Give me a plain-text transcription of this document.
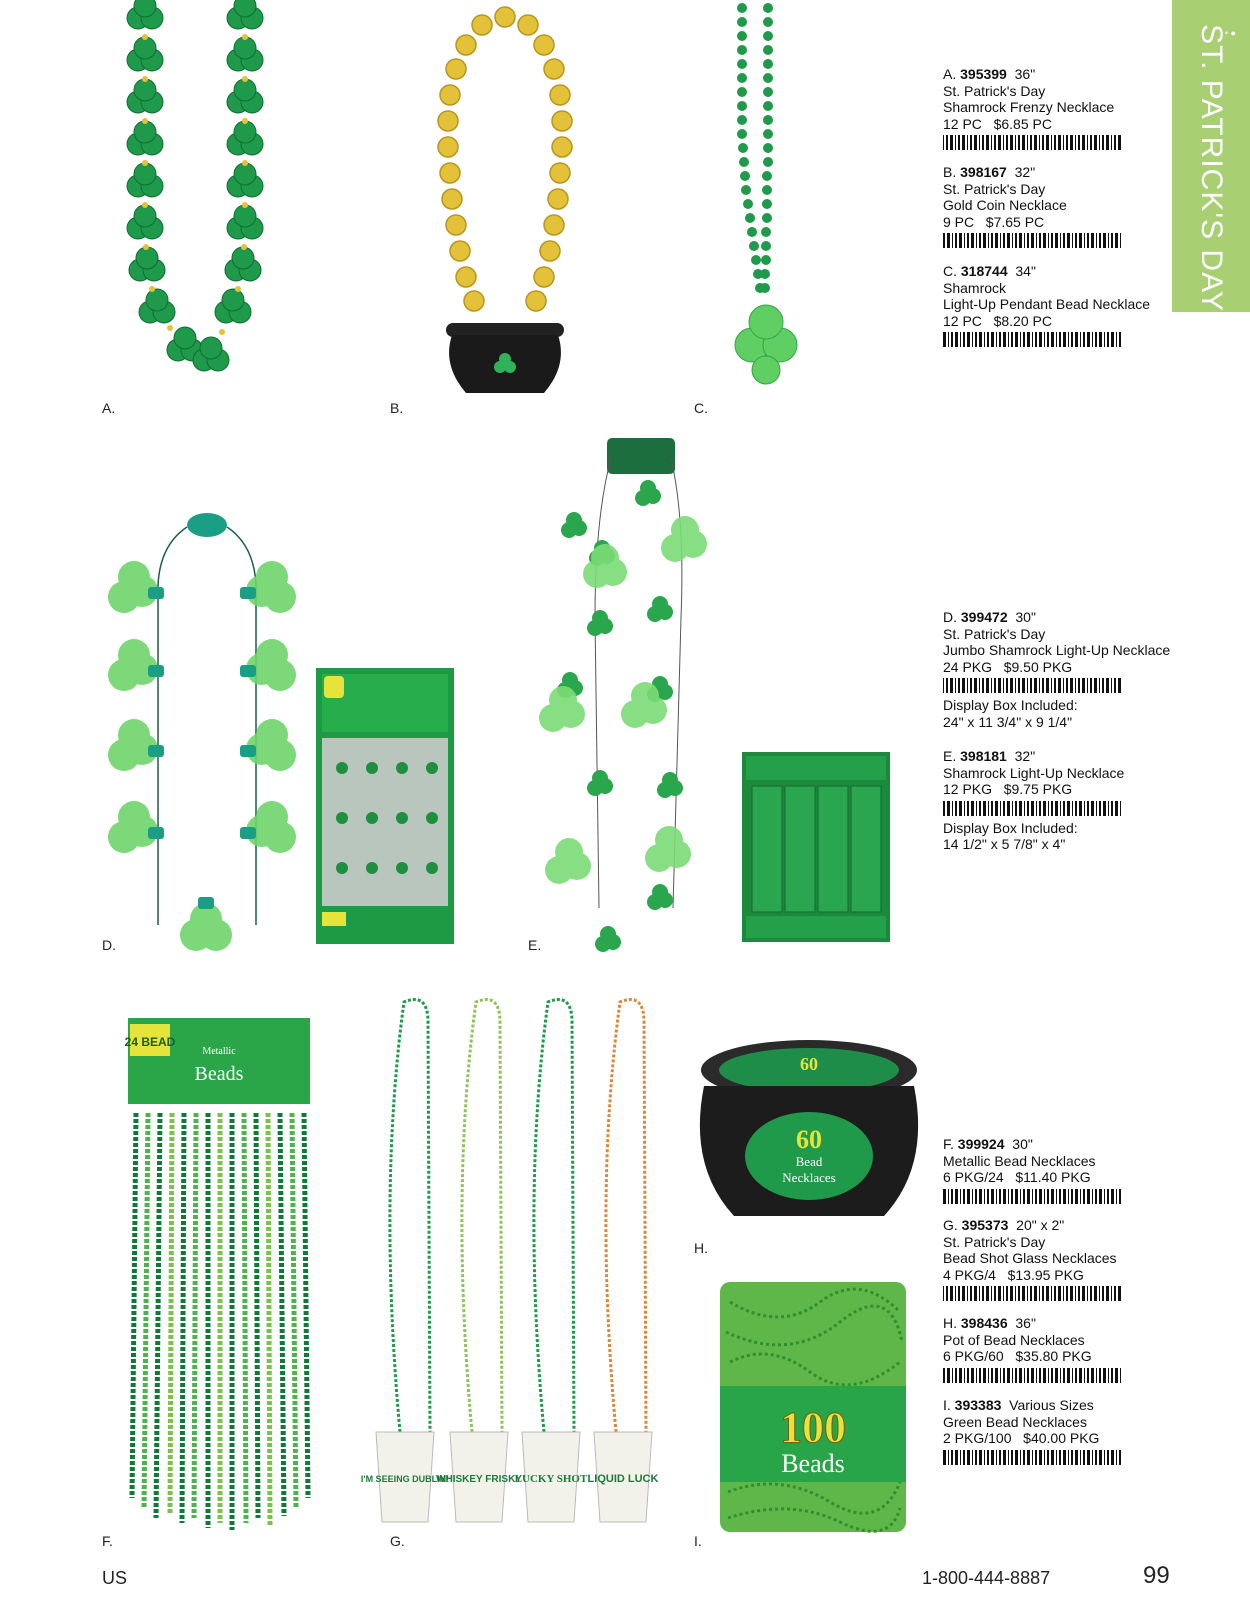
• ●
ST. PATRICK'S DAY
A.	B.	C.
D.	E.
24 BEAD
Metallic
Beads
F.
I'M SEEING DUBLIN!
WHISKEY FRISKY
LUCKY SHOT LIQUID LUCK
G.
60
60
Bead
Necklaces
H.
100
Beads
I.
A. 395399 36"
St. Patrick's Day
Shamrock Frenzy Necklace
12 PC   $6.85 PC
B. 398167 32"
St. Patrick's Day
Gold Coin Necklace
9 PC   $7.65 PC
C. 318744 34"
Shamrock
Light-Up Pendant Bead Necklace
12 PC   $8.20 PC
D. 399472 30"
St. Patrick's Day
Jumbo Shamrock Light-Up Necklace
24 PKG   $9.50 PKG
Display Box Included:
24" x 11 3/4" x 9 1/4"
E. 398181 32"
Shamrock Light-Up Necklace
12 PKG   $9.75 PKG
Display Box Included:
14 1/2" x 5 7/8" x 4"
F. 399924 30"
Metallic Bead Necklaces
6 PKG/24   $11.40 PKG
G. 395373 20" x 2"
St. Patrick's Day
Bead Shot Glass Necklaces
4 PKG/4   $13.95 PKG
H. 398436 36"
Pot of Bead Necklaces
6 PKG/60   $35.80 PKG
I. 393383 Various Sizes
Green Bead Necklaces
2 PKG/100   $40.00 PKG
US	1-800-444-8887	99
